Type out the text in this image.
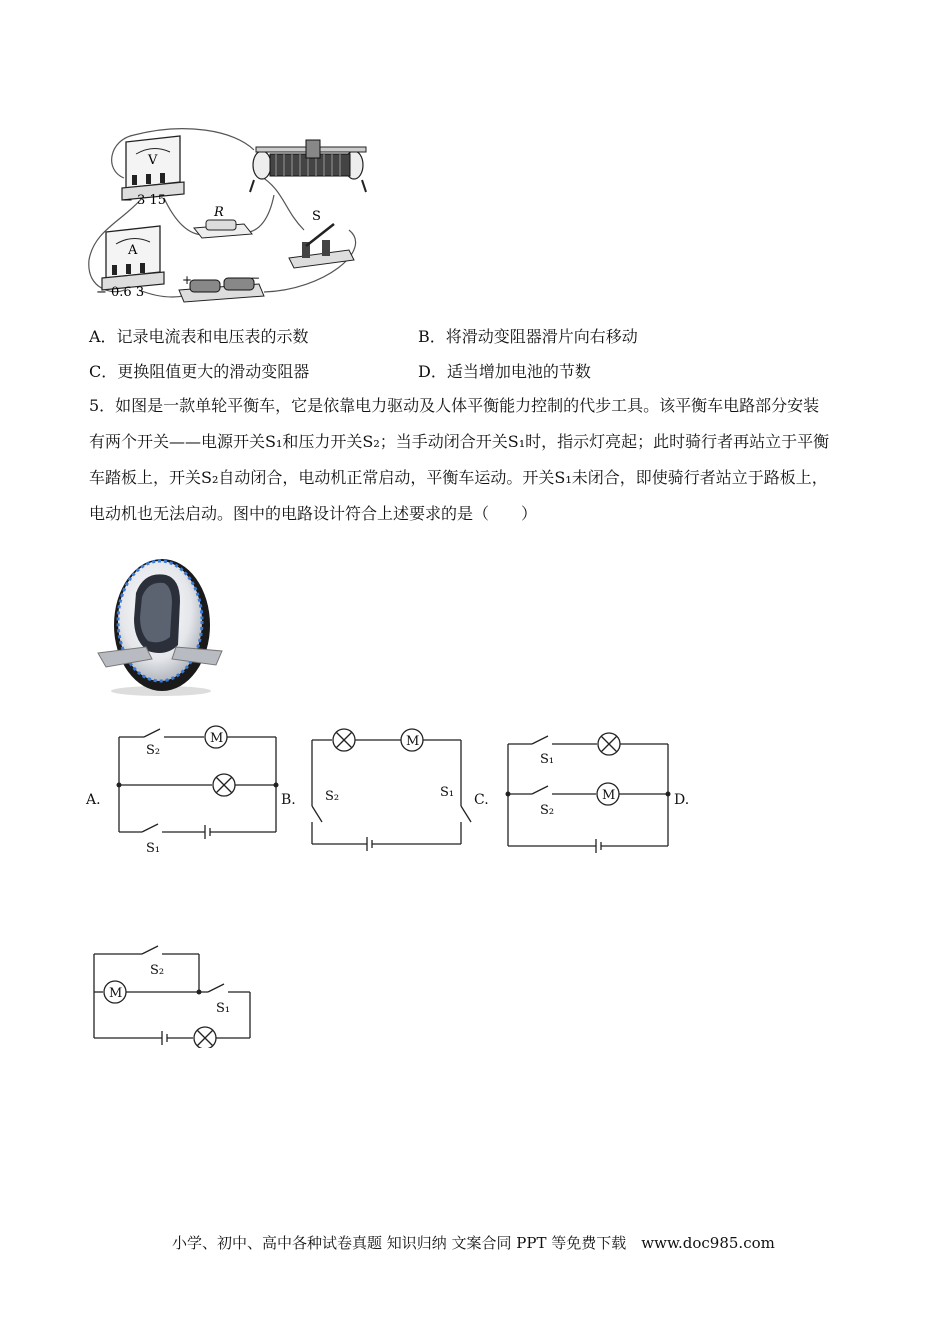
V
− 3 15
R	S
A
− 0.6 3
+	−
A．记录电流表和电压表的示数	B．将滑动变阻器滑片向右移动
C．更换阻值更大的滑动变阻器	D．适当增加电池的节数
5．如图是一款单轮平衡车，它是依靠电力驱动及人体平衡能力控制的代步工具。该平衡车电路部分安装
有两个开关——电源开关S₁和压力开关S₂；当手动闭合开关S₁时，指示灯亮起；此时骑行者再站立于平衡
车踏板上，开关S₂自动闭合，电动机正常启动，平衡车运动。开关S₁未闭合，即使骑行者站立于路板上，
电动机也无法启动。图中的电路设计符合上述要求的是（　　）
M
S₂
S₁
M
S₂	S₁	M
S₁
S₂
A.	B.	C.	D.
M
S₂
S₁
小学、初中、高中各种试卷真题 知识归纳 文案合同 PPT 等免费下载　www.doc985.com
